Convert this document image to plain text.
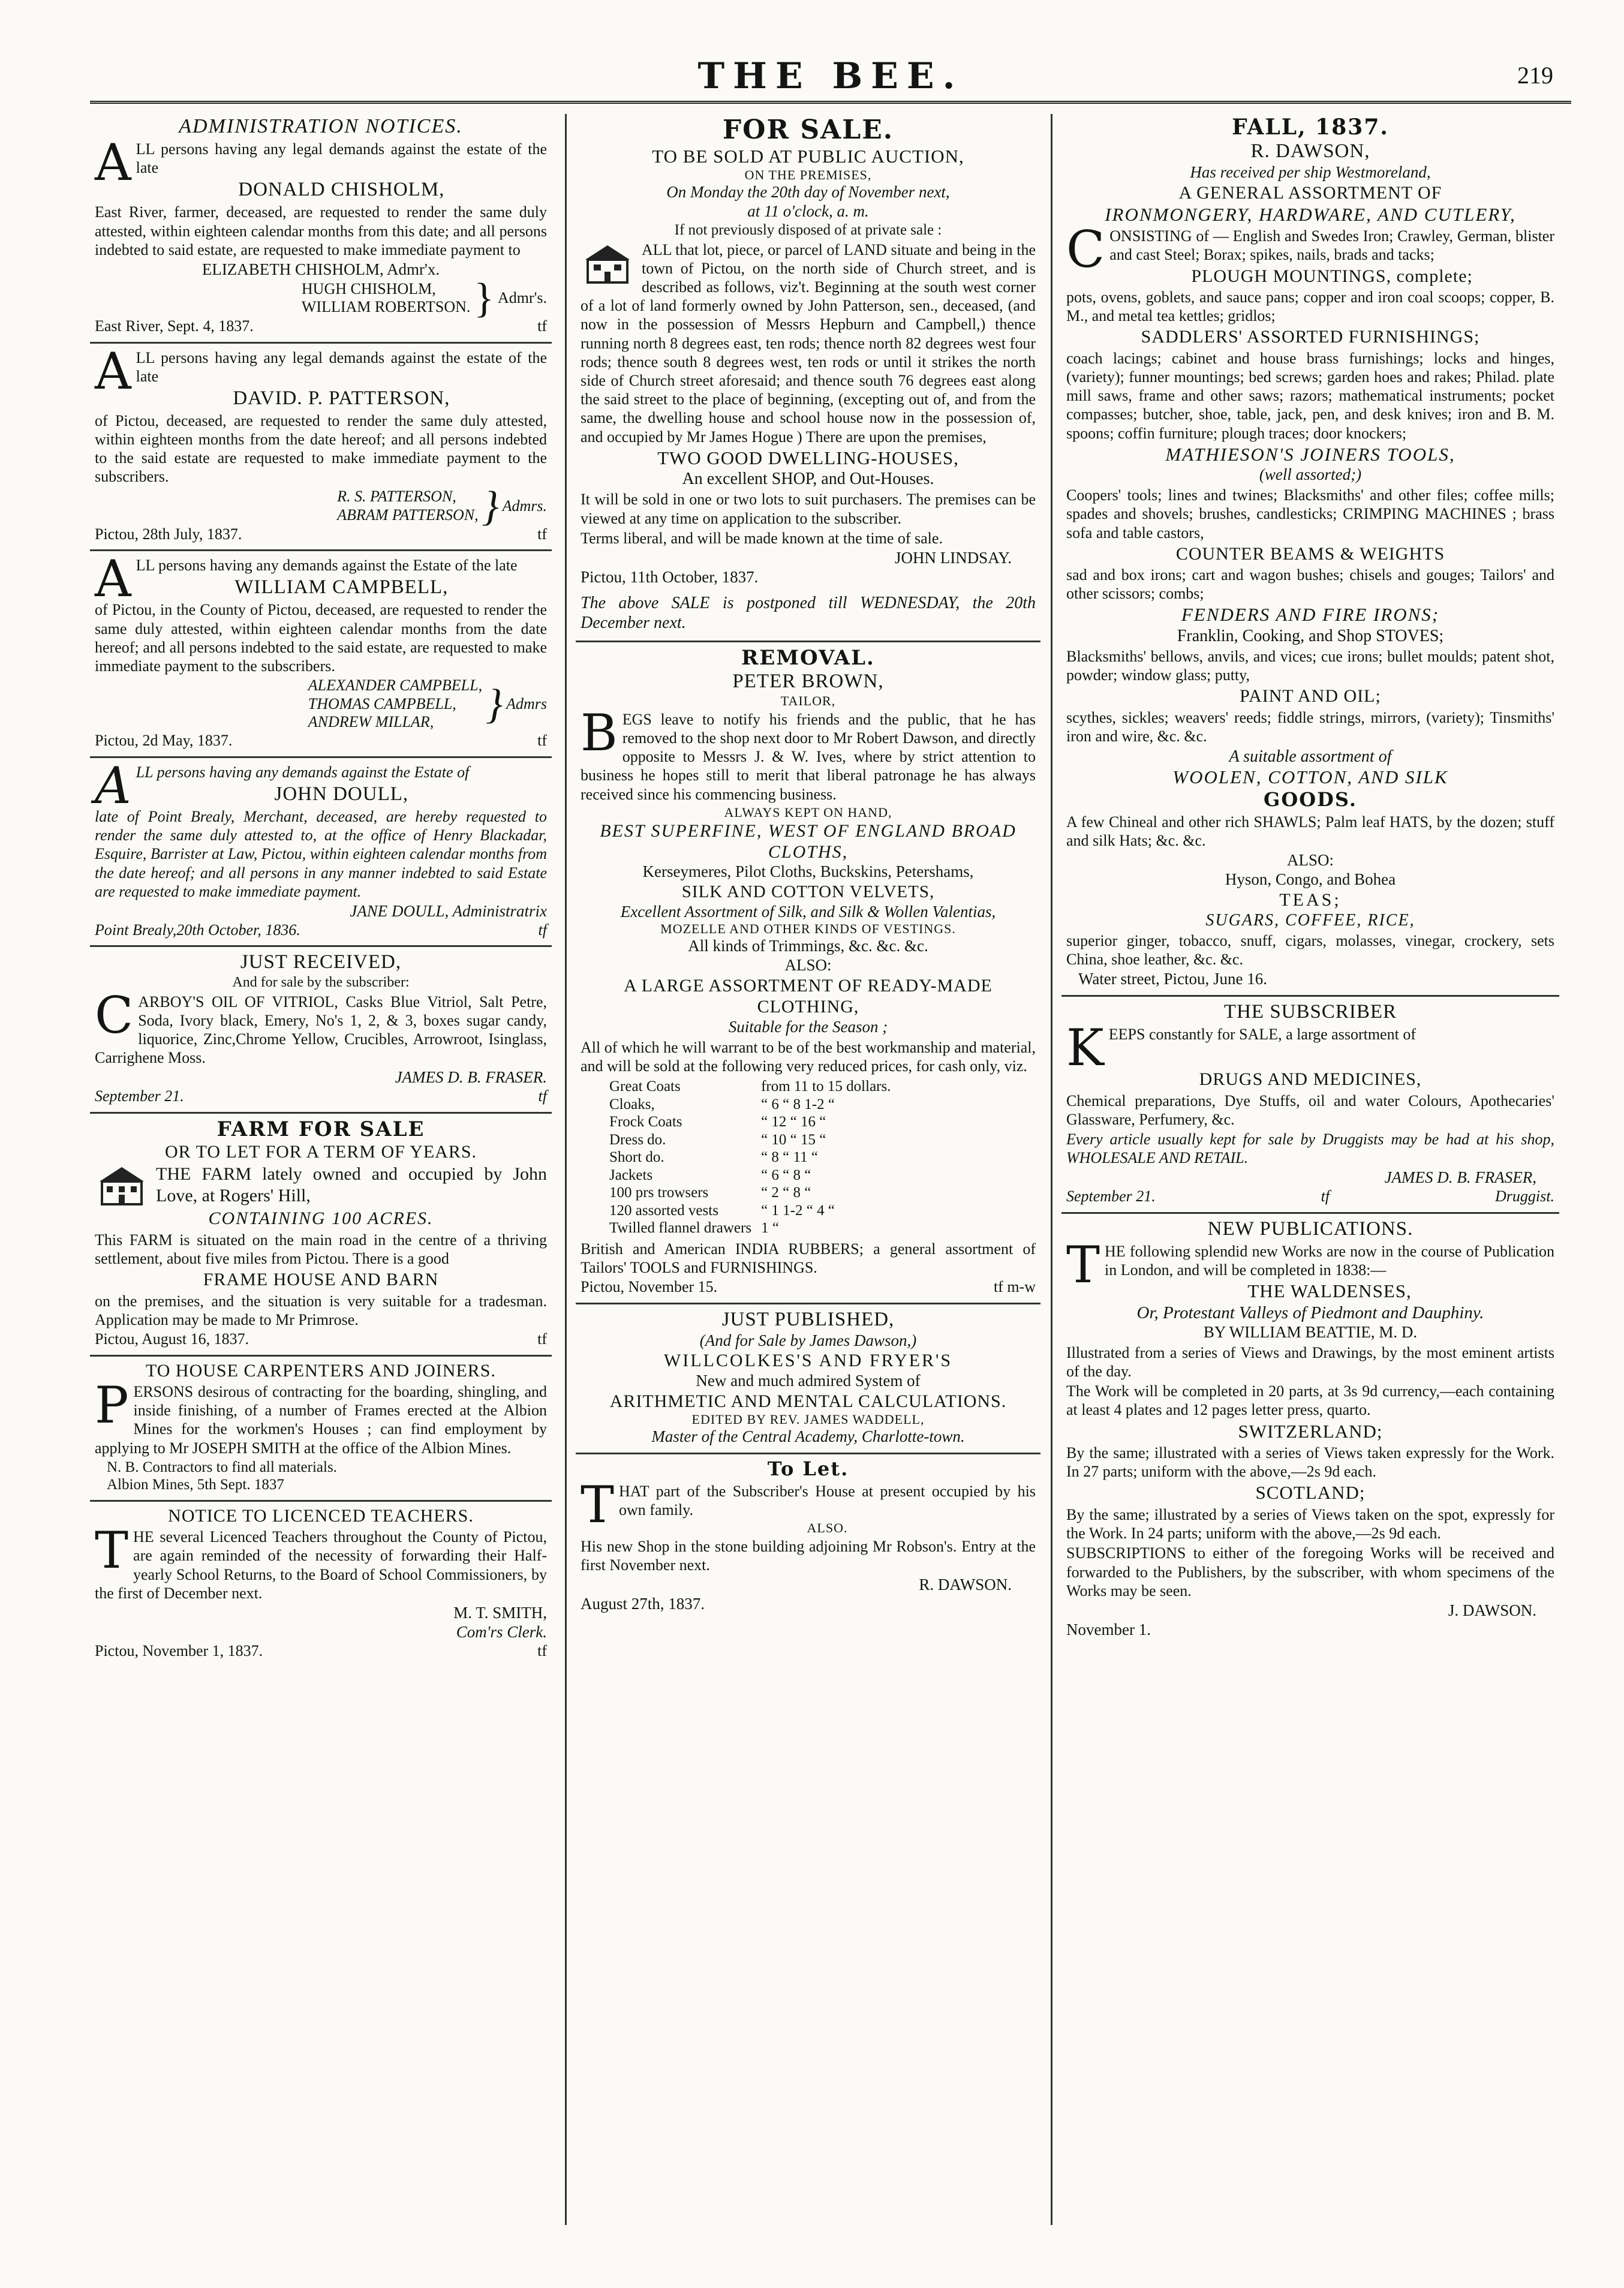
THE BEE.	219
ADMINISTRATION NOTICES.

ALL persons having any legal demands against the estate of the late

DONALD CHISHOLM,

East River, farmer, deceased, are requested to render the same duly attested, within eighteen calendar months from this date; and all persons indebted to said estate, are requested to make immediate payment to

ELIZABETH CHISHOLM, Admr'x.
HUGH CHISHOLM,
WILLIAM ROBERTSON. } Admr's.
East River, Sept. 4, 1837.	tf

ALL persons having any legal demands against the estate of the late

DAVID. P. PATTERSON,

of Pictou, deceased, are requested to render the same duly attested, within eighteen months from the date hereof; and all persons indebted to the said estate are requested to make immediate payment to the subscribers.

R. S. PATTERSON,
ABRAM PATTERSON, } Admrs.
Pictou, 28th July, 1837.	tf

ALL persons having any demands against the Estate of the late

WILLIAM CAMPBELL,

of Pictou, in the County of Pictou, deceased, are requested to render the same duly attested, within eighteen calendar months from the date hereof; and all persons indebted to the said estate, are requested to make immediate payment to the subscribers.

ALEXANDER CAMPBELL,
THOMAS CAMPBELL,
ANDREW MILLAR,	} Admrs
Pictou, 2d May, 1837.	tf

ALL persons having any demands against the Estate of

JOHN DOULL,

late of Point Brealy, Merchant, deceased, are hereby requested to render the same duly attested to, at the office of Henry Blackadar, Esquire, Barrister at Law, Pictou, within eighteen calendar months from the date hereof; and all persons in any manner indebted to said Estate are requested to make immediate payment.

JANE DOULL, Administratrix
Point Brealy,20th October, 1836.	tf
JUST RECEIVED,
And for sale by the subscriber:

CARBOY'S OIL OF VITRIOL, Casks Blue Vitriol, Salt Petre, Soda, Ivory black, Emery, No's 1, 2, & 3, boxes sugar candy, liquorice, Zinc,Chrome Yellow, Crucibles, Arrowroot, Isinglass, Carrighene Moss.

JAMES D. B. FRASER.
September 21.	tf
FARM FOR SALE
OR TO LET FOR A TERM OF YEARS.

THE FARM lately owned and occupied by John Love, at Rogers' Hill,

CONTAINING 100 ACRES.

This FARM is situated on the main road in the centre of a thriving settlement, about five miles from Pictou. There is a good

FRAME HOUSE AND BARN

on the premises, and the situation is very suitable for a tradesman. Application may be made to Mr Primrose.

Pictou, August 16, 1837.	tf
TO HOUSE CARPENTERS AND JOINERS.

PERSONS desirous of contracting for the boarding, shingling, and inside finishing, of a number of Frames erected at the Albion Mines for the workmen's Houses ; can find employment by applying to Mr JOSEPH SMITH at the office of the Albion Mines.

N. B. Contractors to find all materials.
Albion Mines, 5th Sept. 1837
NOTICE TO LICENCED TEACHERS.

THE several Licenced Teachers throughout the County of Pictou, are again reminded of the necessity of forwarding their Half-yearly School Returns, to the Board of School Commissioners, by the first of December next.

M. T. SMITH,
Com'rs Clerk.
Pictou, November 1, 1837.	tf
FOR SALE.
TO BE SOLD AT PUBLIC AUCTION,
ON THE PREMISES,
On Monday the 20th day of November next,
at 11 o'clock, a. m.
If not previously disposed of at private sale :

ALL that lot, piece, or parcel of LAND situate and being in the town of Pictou, on the north side of Church street, and is described as follows, viz't. Beginning at the south west corner of a lot of land formerly owned by John Patterson, sen., deceased, (and now in the possession of Messrs Hepburn and Campbell,) thence running north 8 degrees east, ten rods; thence north 82 degrees west four rods; thence south 8 degrees west, ten rods or until it strikes the north side of Church street aforesaid; and thence south 76 degrees east along the said street to the place of beginning, (excepting out of, and from the same, the dwelling house and school house now in the possession of, and occupied by Mr James Hogue ) There are upon the premises,

TWO GOOD DWELLING-HOUSES,
An excellent SHOP, and Out-Houses.

It will be sold in one or two lots to suit purchasers. The premises can be viewed at any time on application to the subscriber.

Terms liberal, and will be made known at the time of sale.

JOHN LINDSAY.
Pictou, 11th October, 1837.

The above SALE is postponed till WEDNESDAY, the 20th December next.

REMOVAL.
PETER BROWN,
TAILOR,

BEGS leave to notify his friends and the public, that he has removed to the shop next door to Mr Robert Dawson, and directly opposite to Messrs J. & W. Ives, where by strict attention to business he hopes still to merit that liberal patronage he has always received since his commencing business.

ALWAYS KEPT ON HAND,
BEST SUPERFINE, WEST OF ENGLAND BROAD CLOTHS,
Kerseymeres, Pilot Cloths, Buckskins, Petershams,
SILK AND COTTON VELVETS,
Excellent Assortment of Silk, and Silk & Wollen Valentias,
MOZELLE AND OTHER KINDS OF VESTINGS.
All kinds of Trimmings, &c. &c. &c.
ALSO:
A LARGE ASSORTMENT OF READY-MADE CLOTHING,
Suitable for the Season ;

All of which he will warrant to be of the best workmanship and material, and will be sold at the following very reduced prices, for cash only, viz.

Great Coats	from 11 to 15 dollars.
Cloaks,	“ 6 “ 8 1-2 “
Frock Coats	“ 12 “ 16 “
Dress do.	“ 10 “ 15 “
Short do.	“ 8 “ 11 “
Jackets	“ 6 “ 8 “
100 prs trowsers	“ 2 “ 8 “
120 assorted vests	“ 1 1-2 “ 4 “
Twilled flannel drawers	1 “

British and American INDIA RUBBERS; a general assortment of Tailors' TOOLS and FURNISHINGS.

Pictou, November 15.	tf m-w
JUST PUBLISHED,
(And for Sale by James Dawson,)
WILLCOLKES'S AND FRYER'S
New and much admired System of
ARITHMETIC AND MENTAL CALCULATIONS.
EDITED BY REV. JAMES WADDELL,
Master of the Central Academy, Charlotte-town.
To Let.

THAT part of the Subscriber's House at present occupied by his own family.

ALSO.

His new Shop in the stone building adjoining Mr Robson's. Entry at the first November next.

R. DAWSON.
August 27th, 1837.
FALL, 1837.
R. DAWSON,
Has received per ship Westmoreland,
A GENERAL ASSORTMENT OF
IRONMONGERY, HARDWARE, AND CUTLERY,

CONSISTING of — English and Swedes Iron; Crawley, German, blister and cast Steel; Borax; spikes, nails, brads and tacks;

PLOUGH MOUNTINGS, complete;

pots, ovens, goblets, and sauce pans; copper and iron coal scoops; copper, B. M., and metal tea kettles; gridlos;

SADDLERS' ASSORTED FURNISHINGS;

coach lacings; cabinet and house brass furnishings; locks and hinges, (variety); funner mountings; bed screws; garden hoes and rakes; Philad. plate mill saws, frame and other saws; razors; mathematical instruments; pocket compasses; butcher, shoe, table, jack, pen, and desk knives; iron and B. M. spoons; coffin furniture; plough traces; door knockers;

MATHIESON'S JOINERS TOOLS,
(well assorted;)

Coopers' tools; lines and twines; Blacksmiths' and other files; coffee mills; spades and shovels; brushes, candlesticks; CRIMPING MACHINES ; brass sofa and table castors,

COUNTER BEAMS & WEIGHTS

sad and box irons; cart and wagon bushes; chisels and gouges; Tailors' and other scissors; combs;

FENDERS AND FIRE IRONS;
Franklin, Cooking, and Shop STOVES;

Blacksmiths' bellows, anvils, and vices; cue irons; bullet moulds; patent shot, powder; window glass; putty,

PAINT AND OIL;

scythes, sickles; weavers' reeds; fiddle strings, mirrors, (variety); Tinsmiths' iron and wire, &c. &c.

A suitable assortment of
WOOLEN, COTTON, AND SILK
GOODS.

A few Chineal and other rich SHAWLS; Palm leaf HATS, by the dozen; stuff and silk Hats; &c. &c.

ALSO:
Hyson, Congo, and Bohea
TEAS;
SUGARS, COFFEE, RICE,

superior ginger, tobacco, snuff, cigars, molasses, vinegar, crockery, sets China, shoe leather, &c. &c.

Water street, Pictou, June 16.
THE SUBSCRIBER

KEEPS constantly for SALE, a large assortment of

DRUGS AND MEDICINES,

Chemical preparations, Dye Stuffs, oil and water Colours, Apothecaries' Glassware, Perfumery, &c.

Every article usually kept for sale by Druggists may be had at his shop, WHOLESALE AND RETAIL.

JAMES D. B. FRASER,
September 21.	tf	Druggist.
NEW PUBLICATIONS.

THE following splendid new Works are now in the course of Publication in London, and will be completed in 1838:—

THE WALDENSES,
Or, Protestant Valleys of Piedmont and Dauphiny.
BY WILLIAM BEATTIE, M. D.

Illustrated from a series of Views and Drawings, by the most eminent artists of the day.

The Work will be completed in 20 parts, at 3s 9d currency,—each containing at least 4 plates and 12 pages letter press, quarto.

SWITZERLAND;

By the same; illustrated with a series of Views taken expressly for the Work. In 27 parts; uniform with the above,—2s 9d each.

SCOTLAND;

By the same; illustrated by a series of Views taken on the spot, expressly for the Work. In 24 parts; uniform with the above,—2s 9d each.

SUBSCRIPTIONS to either of the foregoing Works will be received and forwarded to the Publishers, by the subscriber, with whom specimens of the Works may be seen.

J. DAWSON.
November 1.
